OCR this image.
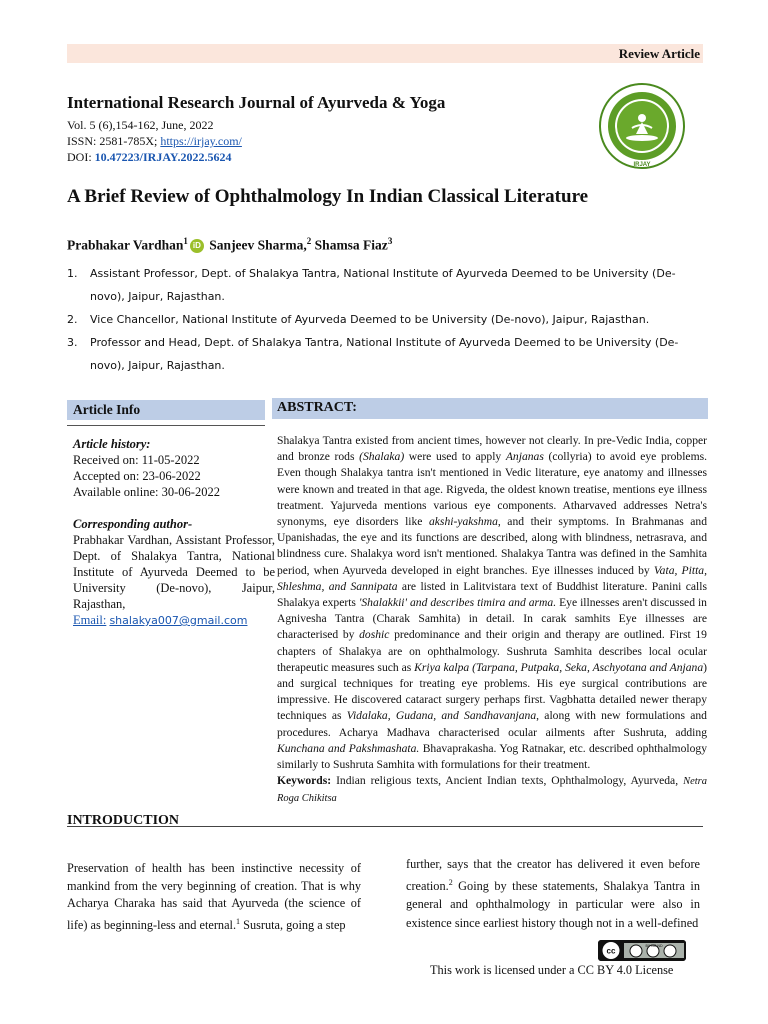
Review Article
International Research Journal of Ayurveda & Yoga
Vol. 5 (6),154-162, June, 2022
ISSN: 2581-785X; https://irjay.com/
DOI: 10.47223/IRJAY.2022.5624
IRJAY
A Brief Review of Ophthalmology In Indian Classical Literature
Prabhakar Vardhan$^1$ iD Sanjeev Sharma,$^2$ Shamsa Fiaz$^3$
1.	Assistant Professor, Dept. of Shalakya Tantra, National Institute of Ayurveda Deemed to be University (De-novo), Jaipur, Rajasthan.
2.	Vice Chancellor, National Institute of Ayurveda Deemed to be University (De-novo), Jaipur, Rajasthan.
3.	Professor and Head, Dept. of Shalakya Tantra, National Institute of Ayurveda Deemed to be University (De-novo), Jaipur, Rajasthan.
Article Info
Article history:
Received on: 11-05-2022
Accepted on: 23-06-2022
Available online: 30-06-2022
Corresponding author-
Prabhakar Vardhan, Assistant Professor, Dept. of Shalakya Tantra, National Institute of Ayurveda Deemed to be University (De-novo), Jaipur, Rajasthan,
Email: shalakya007@gmail.com
ABSTRACT:
Shalakya Tantra existed from ancient times, however not clearly. In pre-Vedic India, copper and bronze rods (Shalaka) were used to apply Anjanas (collyria) to avoid eye problems. Even though Shalakya tantra isn't mentioned in Vedic literature, eye anatomy and illnesses were known and treated in that age. Rigveda, the oldest known treatise, mentions eye illness treatment. Yajurveda mentions various eye components. Atharvaved addresses Netra's synonyms, eye disorders like akshi-yakshma, and their symptoms. In Brahmanas and Upanishadas, the eye and its functions are described, along with blindness, netrasrava, and blindness cure. Shalakya word isn't mentioned. Shalakya Tantra was defined in the Samhita period, when Ayurveda developed in eight branches. Eye illnesses induced by Vata, Pitta, Shleshma, and Sannipata are listed in Lalitvistara text of Buddhist literature. Panini calls Shalakya experts 'Shalakkii' and describes timira and arma. Eye illnesses aren't discussed in Agnivesha Tantra (Charak Samhita) in detail. In carak samhits Eye illnesses are characterised by doshic predominance and their origin and therapy are outlined. First 19 chapters of Shalakya are on ophthalmology. Sushruta Samhita describes local ocular therapeutic measures such as Kriya kalpa (Tarpana, Putpaka, Seka, Aschyotana and Anjana) and surgical techniques for treating eye problems. His eye surgical contributions are impressive. He discovered cataract surgery perhaps first. Vagbhatta detailed newer therapy techniques as Vidalaka, Gudana, and Sandhavanjana, along with new formulations and procedures. Acharya Madhava characterised ocular ailments after Sushruta, adding Kunchana and Pakshmashata. Bhavaprakasha. Yog Ratnakar, etc. described ophthalmology similarly to Sushruta Samhita with formulations for their treatment.
Keywords: Indian religious texts, Ancient Indian texts, Ophthalmology, Ayurveda, Netra Roga Chikitsa
INTRODUCTION
Preservation of health has been instinctive necessity of mankind from the very beginning of creation. That is why Acharya Charaka has said that Ayurveda (the science of life) as beginning-less and eternal.$^1$ Susruta, going a step
further, says that the creator has delivered it even before creation.$^2$ Going by these statements, Shalakya Tantra in general and ophthalmology in particular were also in existence since earliest history though not in a well-defined
cc
BY NC ND
This work is licensed under a CC BY 4.0 License
